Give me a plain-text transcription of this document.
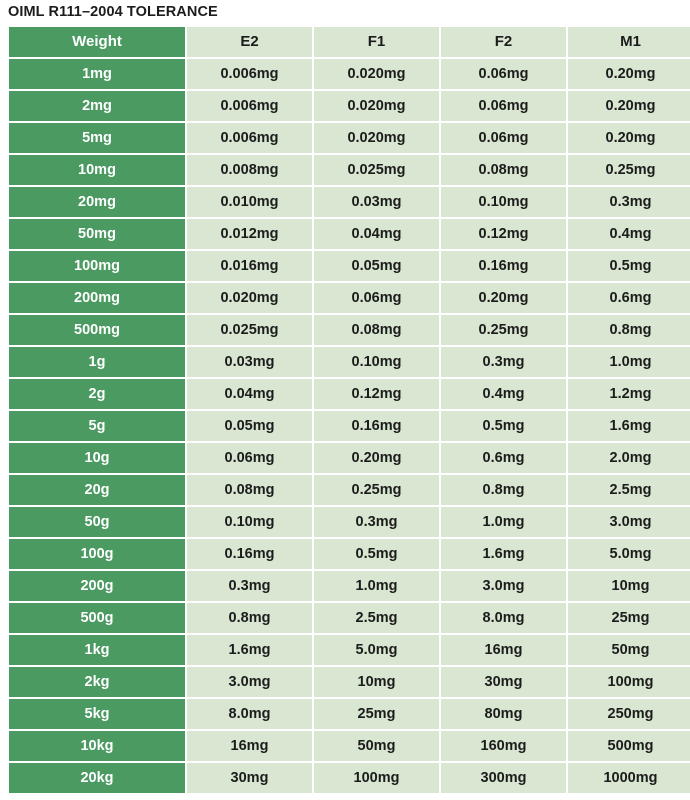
OIML R111–2004 TOLERANCE
Weight	E2	F1	F2	M1
1mg	0.006mg	0.020mg	0.06mg	0.20mg
2mg	0.006mg	0.020mg	0.06mg	0.20mg
5mg	0.006mg	0.020mg	0.06mg	0.20mg
10mg	0.008mg	0.025mg	0.08mg	0.25mg
20mg	0.010mg	0.03mg	0.10mg	0.3mg
50mg	0.012mg	0.04mg	0.12mg	0.4mg
100mg	0.016mg	0.05mg	0.16mg	0.5mg
200mg	0.020mg	0.06mg	0.20mg	0.6mg
500mg	0.025mg	0.08mg	0.25mg	0.8mg
1g	0.03mg	0.10mg	0.3mg	1.0mg
2g	0.04mg	0.12mg	0.4mg	1.2mg
5g	0.05mg	0.16mg	0.5mg	1.6mg
10g	0.06mg	0.20mg	0.6mg	2.0mg
20g	0.08mg	0.25mg	0.8mg	2.5mg
50g	0.10mg	0.3mg	1.0mg	3.0mg
100g	0.16mg	0.5mg	1.6mg	5.0mg
200g	0.3mg	1.0mg	3.0mg	10mg
500g	0.8mg	2.5mg	8.0mg	25mg
1kg	1.6mg	5.0mg	16mg	50mg
2kg	3.0mg	10mg	30mg	100mg
5kg	8.0mg	25mg	80mg	250mg
10kg	16mg	50mg	160mg	500mg
20kg	30mg	100mg	300mg	1000mg
